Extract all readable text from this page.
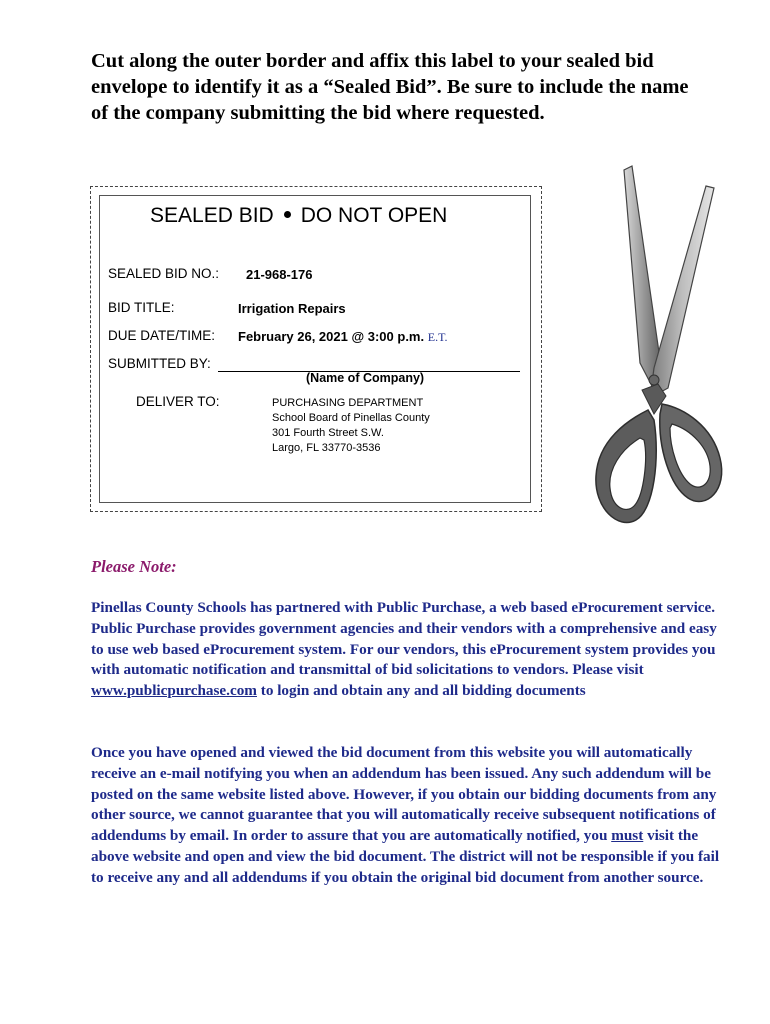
Cut along the outer border and affix this label to your sealed bid envelope to identify it as a “Sealed Bid”. Be sure to include the name of the company submitting the bid where requested.

SEALED BID DO NOT OPEN
SEALED BID NO.: 21-968-176
BID TITLE:	Irrigation Repairs
DUE DATE/TIME: February 26, 2021 @ 3:00 p.m. E.T.
SUBMITTED BY:
(Name of Company)
DELIVER TO:	PURCHASING DEPARTMENT
School Board of Pinellas County
301 Fourth Street S.W.
Largo, FL 33770-3536

Please Note:

Pinellas County Schools has partnered with Public Purchase, a web based eProcurement service. Public Purchase provides government agencies and their vendors with a comprehensive and easy to use web based eProcurement system. For our vendors, this eProcurement system provides you with automatic notification and transmittal of bid solicitations to vendors. Please visit www.publicpurchase.com to login and obtain any and all bidding documents

Once you have opened and viewed the bid document from this website you will automatically receive an e-mail notifying you when an addendum has been issued. Any such addendum will be posted on the same website listed above. However, if you obtain our bidding documents from any other source, we cannot guarantee that you will automatically receive subsequent notifications of addendums by email. In order to assure that you are automatically notified, you must visit the above website and open and view the bid document. The district will not be responsible if you fail to receive any and all addendums if you obtain the original bid document from another source.
